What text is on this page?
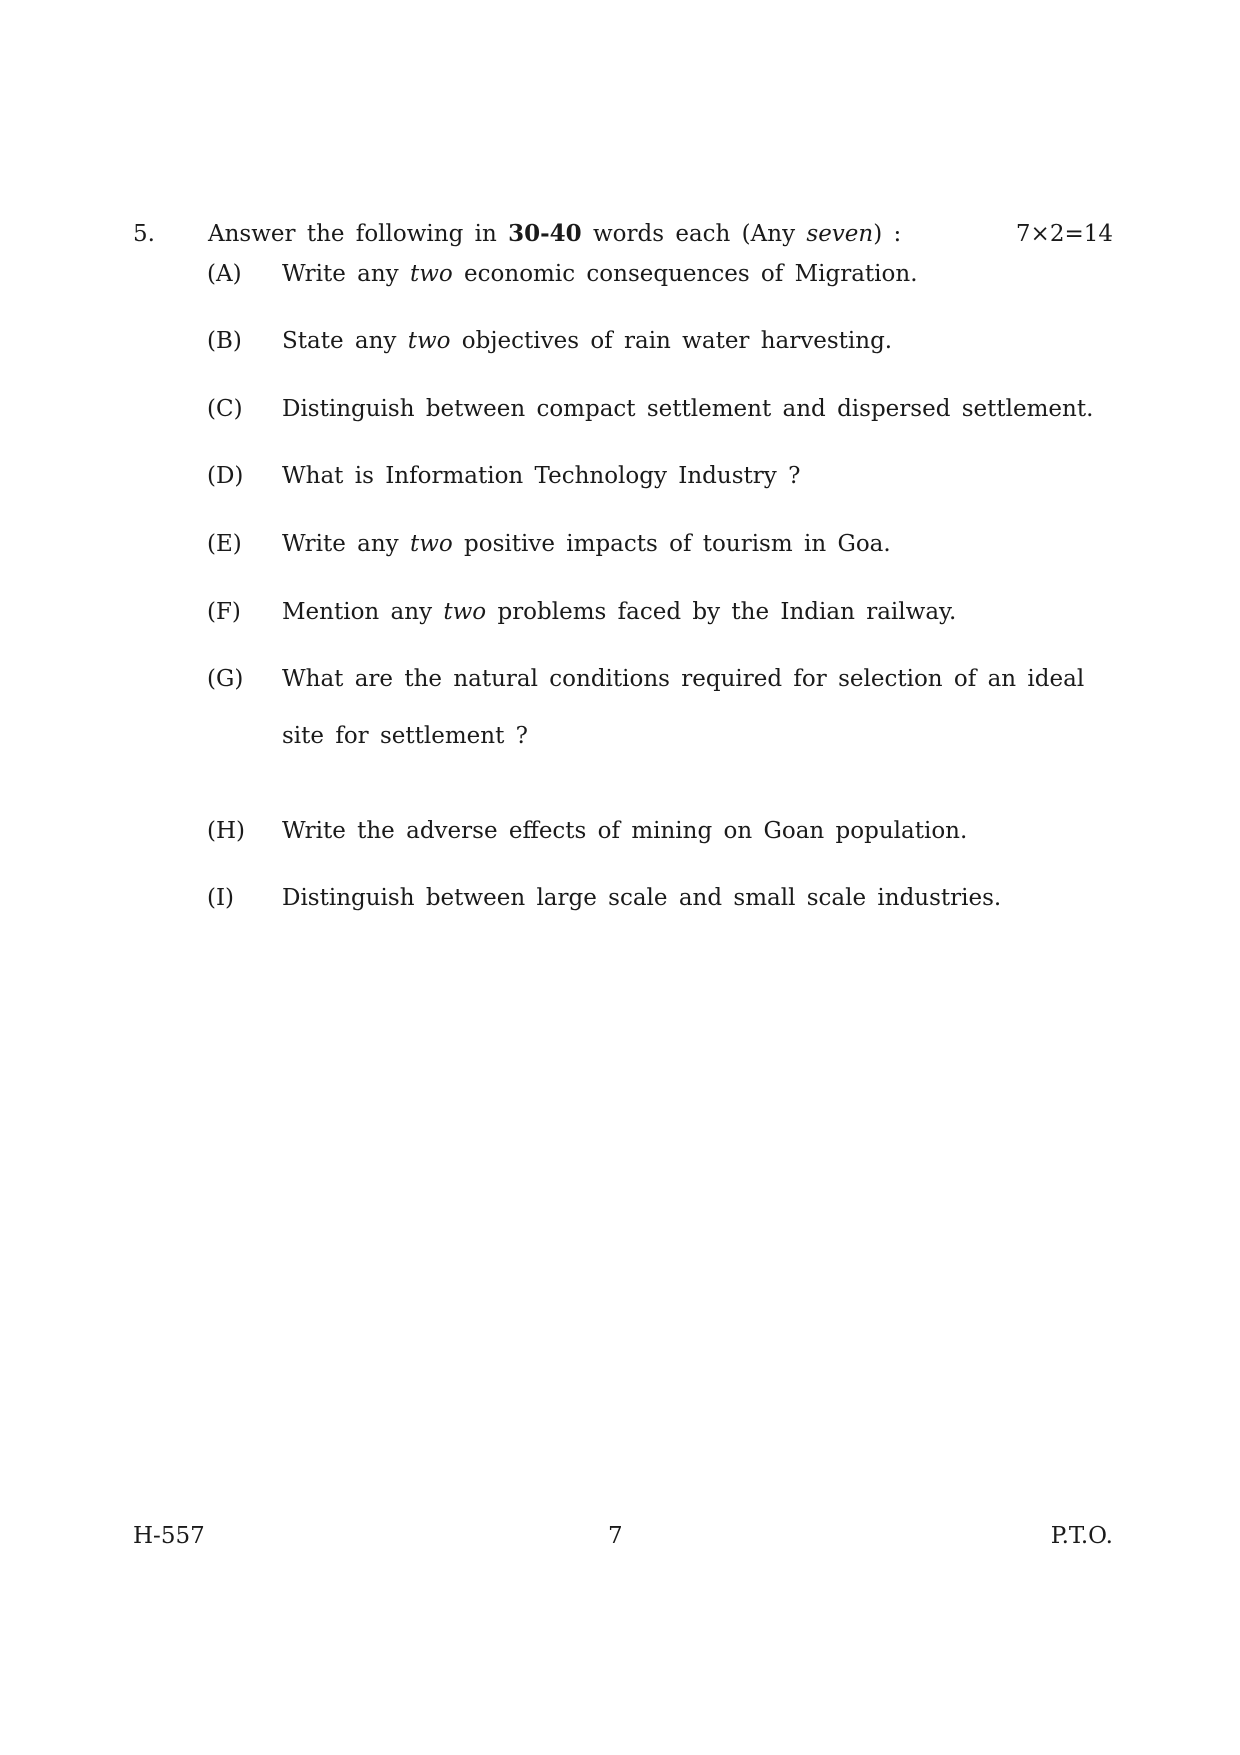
5. Answer the following in 30-40 words each (Any seven) :	7×2=14
(A) Write any two economic consequences of Migration.
(B) State any two objectives of rain water harvesting.
(C) Distinguish between compact settlement and dispersed settlement.
(D) What is Information Technology Industry ?
(E) Write any two positive impacts of tourism in Goa.
(F) Mention any two problems faced by the Indian railway.
(G) What are the natural conditions required for selection of an ideal site for settlement ?
(H) Write the adverse effects of mining on Goan population.
(I) Distinguish between large scale and small scale industries.
H-557	7	P.T.O.
